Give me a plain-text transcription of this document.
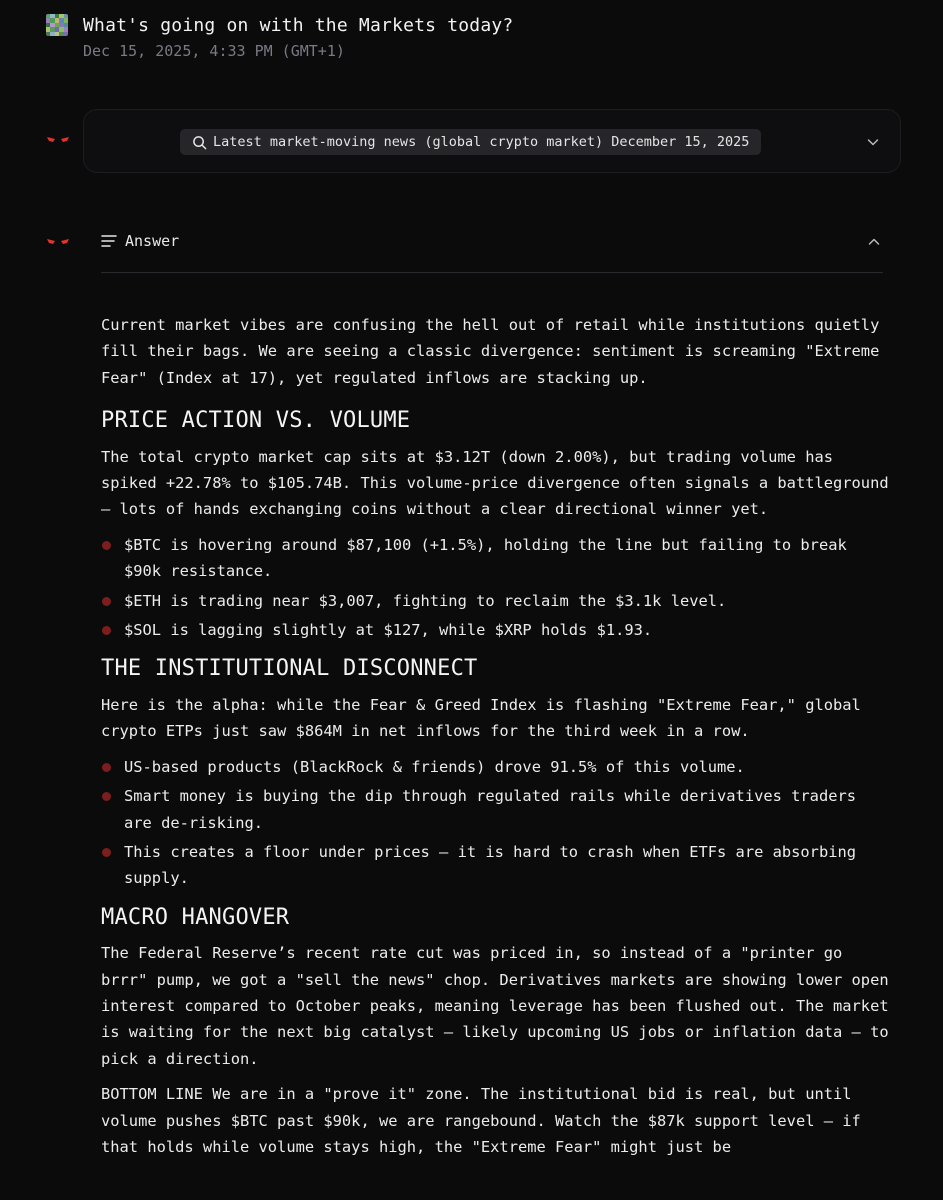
What's going on with the Markets today?
Dec 15, 2025, 4:33 PM (GMT+1)
Latest market-moving news (global crypto market) December 15, 2025
Answer

Current market vibes are confusing the hell out of retail while institutions quietly fill their bags. We are seeing a classic divergence: sentiment is screaming "Extreme Fear" (Index at 17), yet regulated inflows are stacking up.

PRICE ACTION VS. VOLUME

The total crypto market cap sits at $3.12T (down 2.00%), but trading volume has spiked +22.78% to $105.74B. This volume-price divergence often signals a battleground — lots of hands exchanging coins without a clear directional winner yet.

$BTC is hovering around $87,100 (+1.5%), holding the line but failing to break $90k resistance.
$ETH is trading near $3,007, fighting to reclaim the $3.1k level.
$SOL is lagging slightly at $127, while $XRP holds $1.93.
THE INSTITUTIONAL DISCONNECT

Here is the alpha: while the Fear & Greed Index is flashing "Extreme Fear," global crypto ETPs just saw $864M in net inflows for the third week in a row.

US-based products (BlackRock & friends) drove 91.5% of this volume.
Smart money is buying the dip through regulated rails while derivatives traders are de-risking.
This creates a floor under prices — it is hard to crash when ETFs are absorbing supply.
MACRO HANGOVER

The Federal Reserve’s recent rate cut was priced in, so instead of a "printer go brrr" pump, we got a "sell the news" chop. Derivatives markets are showing lower open interest compared to October peaks, meaning leverage has been flushed out. The market is waiting for the next big catalyst — likely upcoming US jobs or inflation data — to pick a direction.

BOTTOM LINE We are in a "prove it" zone. The institutional bid is real, but until volume pushes $BTC past $90k, we are rangebound. Watch the $87k support level — if that holds while volume stays high, the "Extreme Fear" might just be
